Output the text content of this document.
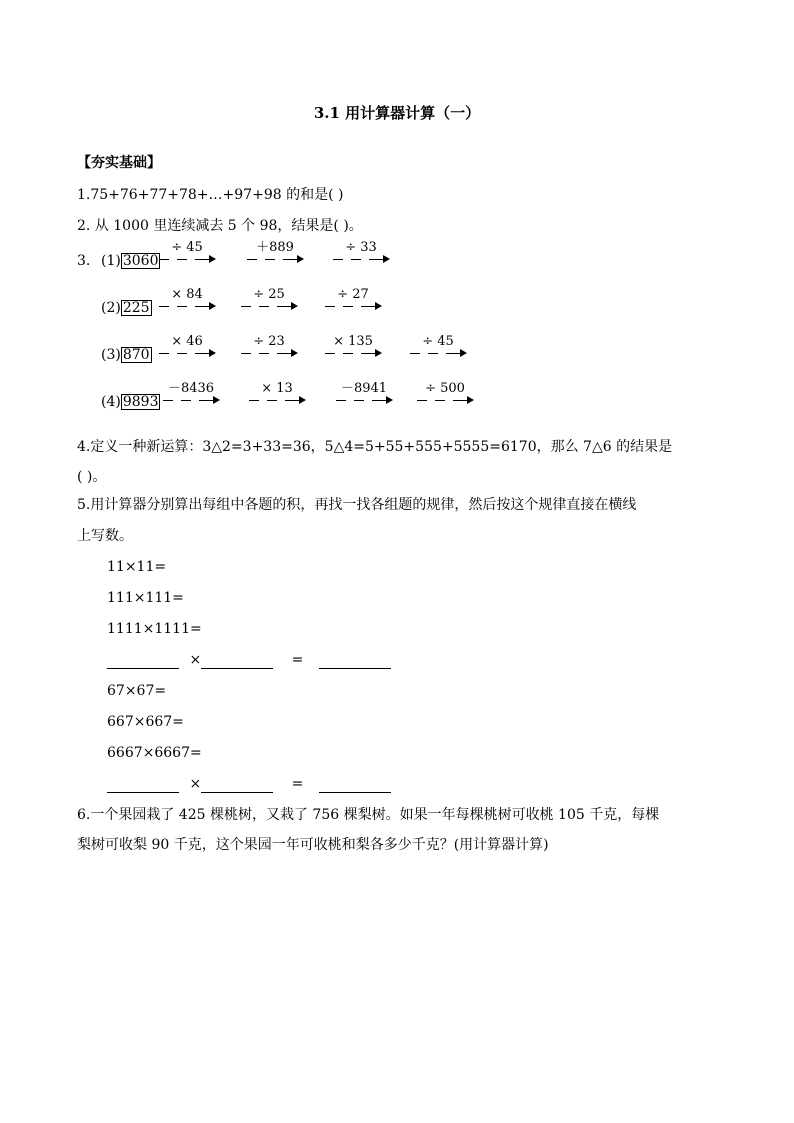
3.1 用计算器计算（一）
【夯实基础】
1.75+76+77+78+…+97+98 的和是( )
2. 从 1000 里连续减去 5 个 98，结果是( )。
3. (1) 3060
÷ 45	＋889	÷ 33
(2) 225
× 84	÷ 25	÷ 27
(3) 870
× 46	÷ 23	× 135	÷ 45
(4) 9893
－8436	× 13	－8941	÷ 500
4.定义一种新运算：3△2=3+33=36，5△4=5+55+555+5555=6170，那么 7△6 的结果是
( )。
5.用计算器分别算出每组中各题的积，再找一找各组题的规律，然后按这个规律直接在横线
上写数。
11×11=
111×111=
1111×1111=
×	=
67×67=
667×667=
6667×6667=
×	=
6.一个果园栽了 425 棵桃树，又栽了 756 棵梨树。如果一年每棵桃树可收桃 105 千克，每棵
梨树可收梨 90 千克，这个果园一年可收桃和梨各多少千克？(用计算器计算)
